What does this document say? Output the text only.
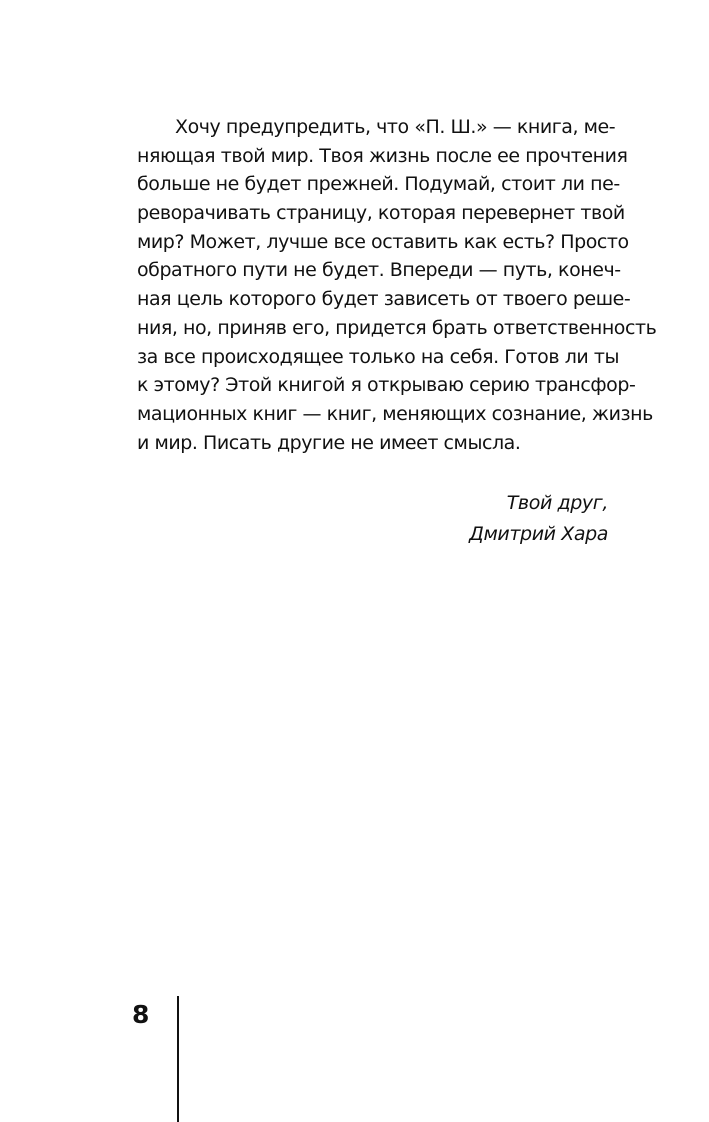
Хочу предупредить, что «П. Ш.» — книга, ме-
няющая твой мир. Твоя жизнь после ее прочтения
больше не будет прежней. Подумай, стоит ли пе-
реворачивать страницу, которая перевернет твой
мир? Может, лучше все оставить как есть? Просто
обратного пути не будет. Впереди — путь, конеч-
ная цель которого будет зависеть от твоего реше-
ния, но, приняв его, придется брать ответственность
за все происходящее только на себя. Готов ли ты
к этому? Этой книгой я открываю серию трансфор-
мационных книг — книг, меняющих сознание, жизнь
и мир. Писать другие не имеет смысла.
Твой друг,
Дмитрий Хара
8
